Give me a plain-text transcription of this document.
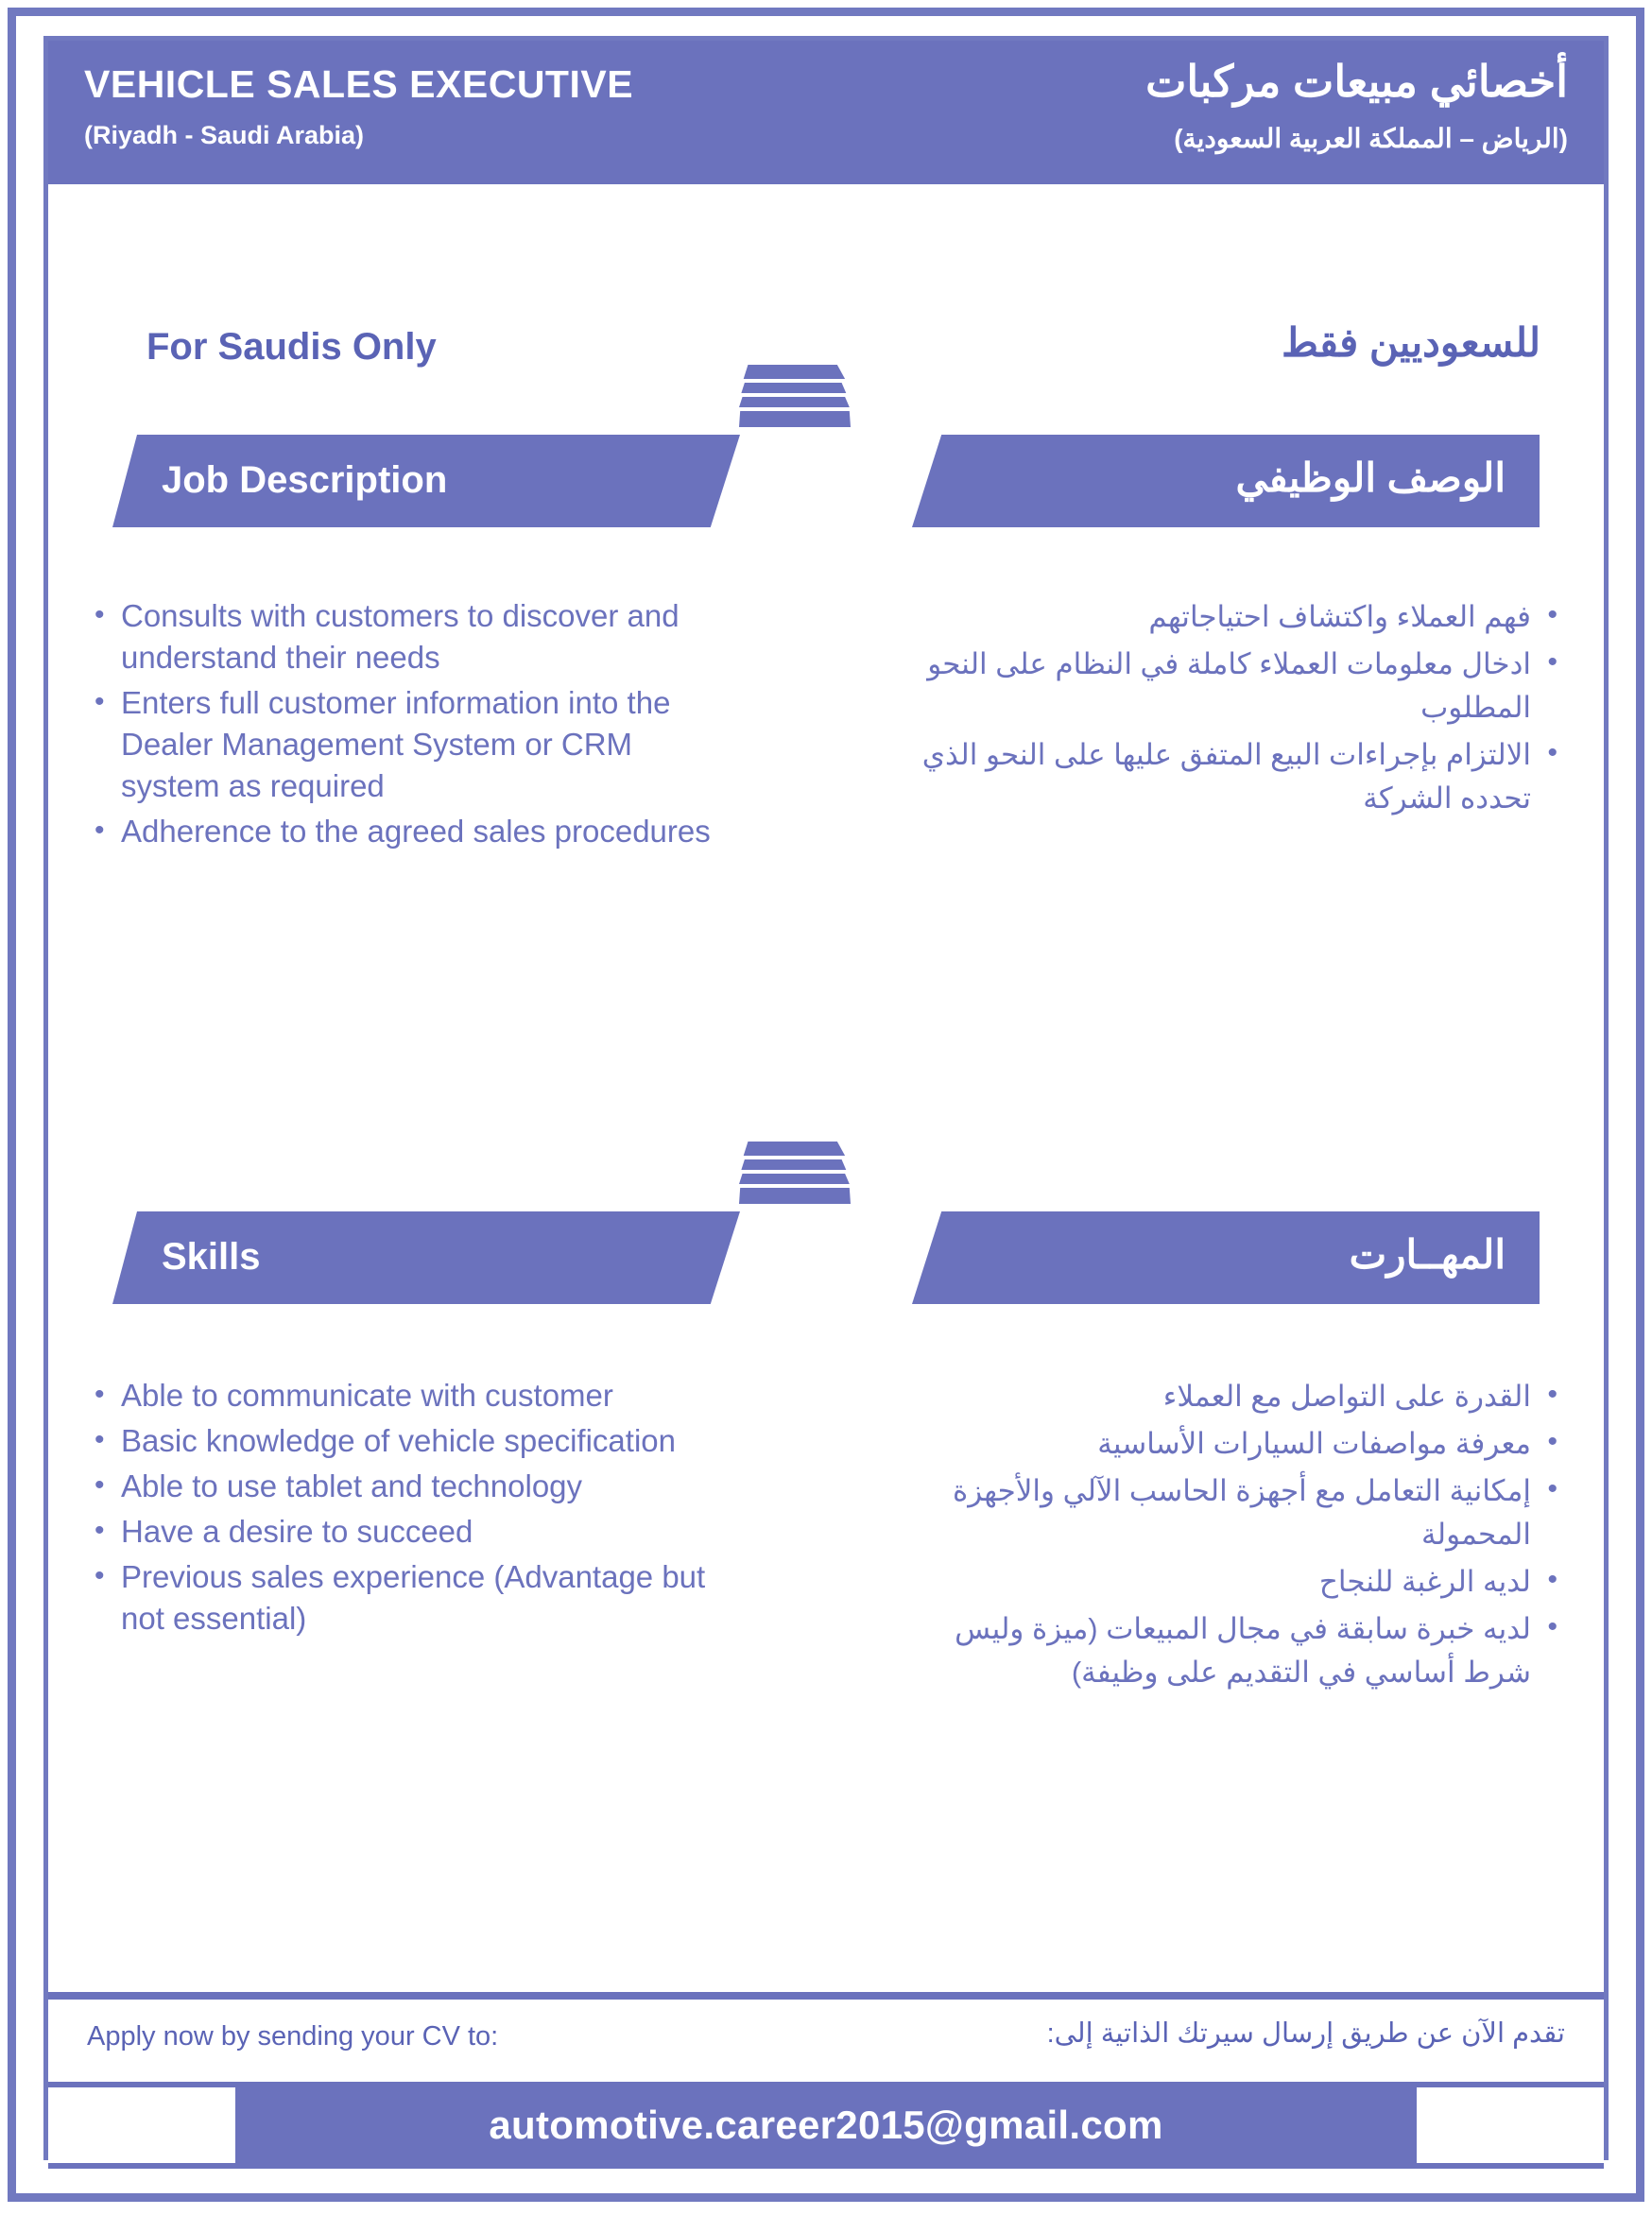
VEHICLE SALES EXECUTIVE
(Riyadh - Saudi Arabia)
أخصائي مبيعات مركبات
(الرياض – المملكة العربية السعودية)
For Saudis Only	للسعوديين فقط
Job Description	الوصف الوظيفي
• Consults with customers to discover and understand their needs
• Enters full customer information into the Dealer Management System or CRM system as required
• Adherence to the agreed sales procedures
• فهم العملاء واكتشاف احتياجاتهم
• ادخال معلومات العملاء كاملة في النظام على النحو المطلوب
• الالتزام بإجراءات البيع المتفق عليها على النحو الذي تحدده الشركة
Skills	المهــارت
• Able to communicate with customer
• Basic knowledge of vehicle specification
• Able to use tablet and technology
• Have a desire to succeed
• Previous sales experience (Advantage but not essential)
• القدرة على التواصل مع العملاء
• معرفة مواصفات السيارات الأساسية
• إمكانية التعامل مع أجهزة الحاسب الآلي والأجهزة المحمولة
• لديه الرغبة للنجاح
• لديه خبرة سابقة في مجال المبيعات (ميزة وليس شرط أساسي في التقديم على وظيفة)
Apply now by sending your CV to:	تقدم الآن عن طريق إرسال سيرتك الذاتية إلى:
automotive.career2015@gmail.com
